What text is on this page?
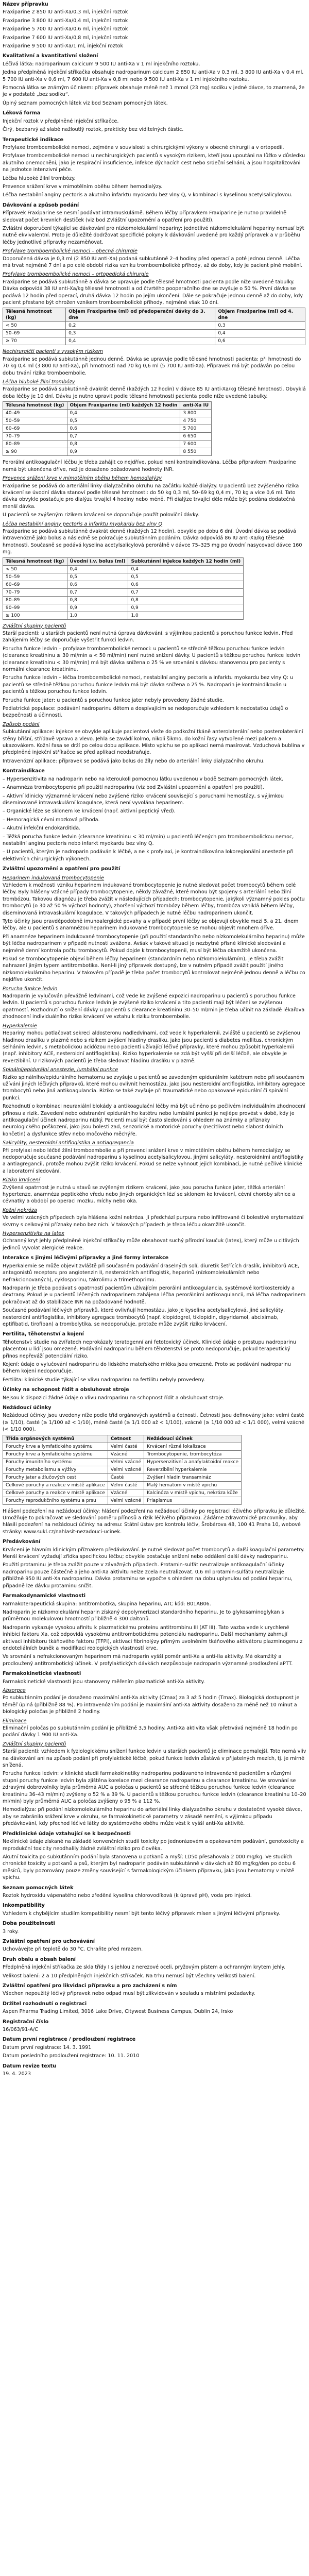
Název přípravku

Fraxiparine 2 850 IU anti-Xa/0,3 ml, injekční roztok

Fraxiparine 3 800 IU anti-Xa/0,4 ml, injekční roztok

Fraxiparine 5 700 IU anti-Xa/0,6 ml, injekční roztok

Fraxiparine 7 600 IU anti-Xa/0,8 ml, injekční roztok

Fraxiparine 9 500 IU anti-Xa/1 ml, injekční roztok

Kvalitativní a kvantitativní složení

Léčivá látka: nadroparinum calcicum 9 500 IU anti-Xa v 1 ml injekčního roztoku.

Jedna předplněná injekční stříkačka obsahuje nadroparinum calcicum 2 850 IU anti-Xa v 0,3 ml, 3 800 IU anti-Xa v 0,4 ml, 5 700 IU anti-Xa v 0,6 ml, 7 600 IU anti-Xa v 0,8 ml nebo 9 500 IU anti-Xa v 1 ml injekčního roztoku.

Pomocná látka se známým účinkem: přípravek obsahuje méně než 1 mmol (23 mg) sodíku v jedné dávce, to znamená, že je v podstatě „bez sodíku“.

Úplný seznam pomocných látek viz bod Seznam pomocných látek.

Léková forma

Injekční roztok v předplněné injekční stříkačce.

Čirý, bezbarvý až slabě nažloutlý roztok, prakticky bez viditelných částic.

Terapeutické indikace

Profylaxe tromboembolické nemoci, zejména v souvislosti s chirurgickými výkony v obecné chirurgii a v ortopedii.

Profylaxe tromboembolické nemoci u nechirurgických pacientů s vysokým rizikem, kteří jsou upoutáni na lůžko v důsledku akutního onemocnění, jako je respirační insuficience, infekce dýchacích cest nebo srdeční selhání, a jsou hospitalizováni na jednotce intenzivní péče.

Léčba hluboké žilní trombózy.

Prevence srážení krve v mimotělním oběhu během hemodialýzy.

Léčba nestabilní anginy pectoris a akutního infarktu myokardu bez vlny Q, v kombinaci s kyselinou acetylsalicylovou.

Dávkování a způsob podání

Přípravek Fraxiparine se nesmí podávat intramuskulárně. Během léčby přípravkem Fraxiparine je nutno pravidelně sledovat počet krevních destiček (viz bod Zvláštní upozornění a opatření pro použití).

Zvláštní doporučení týkající se dávkování pro nízkomolekulární hepariny: jednotlivé nízkomolekulární hepariny nemusí být nutně ekvivalentní. Proto je důležité dodržovat specifické pokyny k dávkování uvedené pro každý přípravek a v průběhu léčby jednotlivé přípravky nezaměňovat.

Profylaxe tromboembolické nemoci – obecná chirurgie

Doporučená dávka je 0,3 ml (2 850 IU anti-Xa) podaná subkutánně 2–4 hodiny před operací a poté jednou denně. Léčba má trvat nejméně 7 dní a po celé období rizika vzniku tromboembolické příhody, až do doby, kdy je pacient plně mobilní.

Profylaxe tromboembolické nemoci – ortopedická chirurgie

Fraxiparine se podává subkutánně a dávka se upravuje podle tělesné hmotnosti pacienta podle níže uvedené tabulky. Dávka odpovídá 38 IU anti-Xa/kg tělesné hmotnosti a od čtvrtého pooperačního dne se zvyšuje o 50 %. První dávka se podává 12 hodin před operací, druhá dávka 12 hodin po jejím ukončení. Dále se pokračuje jednou denně až do doby, kdy pacient přestane být ohrožen vznikem tromboembolické příhody, nejméně však 10 dní.

Tělesná hmotnost (kg)	Objem Fraxiparine (ml) od předoperační dávky do 3. dne	Objem Fraxiparine (ml) od 4. dne
< 50	0,2	0,3
50–69	0,3	0,4
≥ 70	0,4	0,6
Nechirurgičtí pacienti s vysokým rizikem

Fraxiparine se podává subkutánně jednou denně. Dávka se upravuje podle tělesné hmotnosti pacienta: při hmotnosti do 70 kg 0,4 ml (3 800 IU anti-Xa), při hmotnosti nad 70 kg 0,6 ml (5 700 IU anti-Xa). Přípravek má být podáván po celou dobu trvání rizika tromboembolie.

Léčba hluboké žilní trombózy

Fraxiparine se podává subkutánně dvakrát denně (každých 12 hodin) v dávce 85 IU anti-Xa/kg tělesné hmotnosti. Obvyklá doba léčby je 10 dní. Dávku je nutno upravit podle tělesné hmotnosti pacienta podle níže uvedené tabulky.

Tělesná hmotnost (kg)	Objem Fraxiparine (ml) každých 12 hodin	anti-Xa IU
40–49	0,4	3 800
50–59	0,5	4 750
60–69	0,6	5 700
70–79	0,7	6 650
80–89	0,8	7 600
≥ 90	0,9	8 550

Perorální antikoagulační léčbu je třeba zahájit co nejdříve, pokud není kontraindikována. Léčba přípravkem Fraxiparine nemá být ukončena dříve, než je dosaženo požadované hodnoty INR.

Prevence srážení krve v mimotělním oběhu během hemodialýzy

Fraxiparine se podává do arteriální linky dialyzačního okruhu na začátku každé dialýzy. U pacientů bez zvýšeného rizika krvácení se úvodní dávka stanoví podle tělesné hmotnosti: do 50 kg 0,3 ml, 50–69 kg 0,4 ml, 70 kg a více 0,6 ml. Tato dávka obvykle postačuje pro dialýzu trvající 4 hodiny nebo méně. Při dialýze trvající déle může být podána dodatečná menší dávka.

U pacientů se zvýšeným rizikem krvácení se doporučuje použít poloviční dávky.

Léčba nestabilní anginy pectoris a infarktu myokardu bez vlny Q

Fraxiparine se podává subkutánně dvakrát denně (každých 12 hodin), obvykle po dobu 6 dní. Úvodní dávka se podává intravenózně jako bolus a následně se pokračuje subkutánním podáním. Dávka odpovídá 86 IU anti-Xa/kg tělesné hmotnosti. Současně se podává kyselina acetylsalicylová perorálně v dávce 75–325 mg po úvodní nasycovací dávce 160 mg.

Tělesná hmotnost (kg)	Úvodní i.v. bolus (ml)	Subkutánní injekce každých 12 hodin (ml)
< 50	0,4	0,4
50–59	0,5	0,5
60–69	0,6	0,6
70–79	0,7	0,7
80–89	0,8	0,8
90–99	0,9	0,9
≥ 100	1,0	1,0
Zvláštní skupiny pacientů

Starší pacienti: u starších pacientů není nutná úprava dávkování, s výjimkou pacientů s poruchou funkce ledvin. Před zahájením léčby se doporučuje vyšetřit funkci ledvin.

Porucha funkce ledvin – profylaxe tromboembolické nemoci: u pacientů se středně těžkou poruchou funkce ledvin (clearance kreatininu ≥ 30 ml/min a < 50 ml/min) není nutné snížení dávky. U pacientů s těžkou poruchou funkce ledvin (clearance kreatininu < 30 ml/min) má být dávka snížena o 25 % ve srovnání s dávkou stanovenou pro pacienty s normální clearance kreatininu.

Porucha funkce ledvin – léčba tromboembolické nemoci, nestabilní anginy pectoris a infarktu myokardu bez vlny Q: u pacientů se středně těžkou poruchou funkce ledvin má být dávka snížena o 25 %. Nadroparin je kontraindikován u pacientů s těžkou poruchou funkce ledvin.

Porucha funkce jater: u pacientů s poruchou funkce jater nebyly provedeny žádné studie.

Pediatrická populace: podávání nadroparinu dětem a dospívajícím se nedoporučuje vzhledem k nedostatku údajů o bezpečnosti a účinnosti.

Způsob podání

Subkutánní aplikace: injekce se obvykle aplikuje pacientovi vleže do podkožní tkáně anterolaterální nebo posterolaterální stěny břišní, střídavě vpravo a vlevo. Jehla se zavádí kolmo, nikoli šikmo, do kožní řasy vytvořené mezi palcem a ukazovákem. Kožní řasa se drží po celou dobu aplikace. Místo vpichu se po aplikaci nemá masírovat. Vzduchová bublina v předplněné injekční stříkačce se před aplikací neodstraňuje.

Intravenózní aplikace: přípravek se podává jako bolus do žíly nebo do arteriální linky dialyzačního okruhu.

Kontraindikace

– Hypersenzitivita na nadroparin nebo na kteroukoli pomocnou látku uvedenou v bodě Seznam pomocných látek.

– Anamnéza trombocytopenie při použití nadroparinu (viz bod Zvláštní upozornění a opatření pro použití).

– Aktivní klinicky významné krvácení nebo zvýšené riziko krvácení související s poruchami hemostázy, s výjimkou diseminované intravaskulární koagulace, která není vyvolána heparinem.

– Organické léze se sklonem ke krvácení (např. aktivní peptický vřed).

– Hemoragická cévní mozková příhoda.

– Akutní infekční endokarditida.

– Těžká porucha funkce ledvin (clearance kreatininu < 30 ml/min) u pacientů léčených pro tromboembolickou nemoc, nestabilní anginu pectoris nebo infarkt myokardu bez vlny Q.

– U pacientů, kterým je nadroparin podáván k léčbě, a ne k profylaxi, je kontraindikována lokoregionální anestezie při elektivních chirurgických výkonech.

Zvláštní upozornění a opatření pro použití
Heparinem indukovaná trombocytopenie

Vzhledem k možnosti vzniku heparinem indukované trombocytopenie je nutné sledovat počet trombocytů během celé léčby. Byly hlášeny vzácné případy trombocytopenie, někdy závažné, které mohou být spojeny s arteriální nebo žilní trombózou. Takovou diagnózu je třeba zvážit v následujících případech: trombocytopenie, jakýkoli významný pokles počtu trombocytů (o 30 až 50 % výchozí hodnoty), zhoršení výchozí trombózy během léčby, trombóza vzniklá během léčby, diseminovaná intravaskulární koagulace. V takových případech je nutné léčbu nadroparinem ukončit.

Tyto účinky jsou pravděpodobně imunoalergické povahy a v případě první léčby se objevují obvykle mezi 5. a 21. dnem léčby, ale u pacientů s anamnézou heparinem indukované trombocytopenie se mohou objevit mnohem dříve.

Při anamnéze heparinem indukované trombocytopenie (při použití standardního nebo nízkomolekulárního heparinu) může být léčba nadroparinem v případě nutnosti zvážena. Avšak v takové situaci je nezbytné přísné klinické sledování a nejméně denní kontrola počtu trombocytů. Pokud dojde k trombocytopenii, musí být léčba okamžitě ukončena.

Pokud se trombocytopenie objeví během léčby heparinem (standardním nebo nízkomolekulárním), je třeba zvážit nahrazení jiným typem antitrombotika. Není-li jiný přípravek dostupný, lze v nutném případě zvážit použití jiného nízkomolekulárního heparinu. V takovém případě je třeba počet trombocytů kontrolovat nejméně jednou denně a léčbu co nejdříve ukončit.

Porucha funkce ledvin

Nadroparin je vylučován převážně ledvinami, což vede ke zvýšené expozici nadroparinu u pacientů s poruchou funkce ledvin. U pacientů s poruchou funkce ledvin je zvýšené riziko krvácení a tito pacienti mají být léčeni se zvýšenou opatrností. Rozhodnutí o snížení dávky u pacientů s clearance kreatininu 30–50 ml/min je třeba učinit na základě lékařova zhodnocení individuálního rizika krvácení ve vztahu k riziku tromboembolie.

Hyperkalemie

Hepariny mohou potlačovat sekreci aldosteronu nadledvinami, což vede k hyperkalemii, zvláště u pacientů se zvýšenou hladinou draslíku v plazmě nebo s rizikem zvýšení hladiny draslíku, jako jsou pacienti s diabetes mellitus, chronickým selháním ledvin, s metabolickou acidózou nebo pacienti užívající léčivé přípravky, které mohou způsobit hyperkalemii (např. inhibitory ACE, nesteroidní antiflogistika). Riziko hyperkalemie se zdá být vyšší při delší léčbě, ale obvykle je reverzibilní. U rizikových pacientů je třeba sledovat hladinu draslíku v plazmě.

Spinální/epidurální anestezie, lumbální punkce

Riziko spinálního/epidurálního hematomu se zvyšuje u pacientů se zavedeným epidurálním katétrem nebo při současném užívání jiných léčivých přípravků, které mohou ovlivnit hemostázu, jako jsou nesteroidní antiflogistika, inhibitory agregace trombocytů nebo jiná antikoagulancia. Riziko se také zvyšuje při traumatické nebo opakované epidurální či spinální punkci.

Rozhodnutí o kombinaci neuraxiální blokády a antikoagulační léčby má být učiněno po pečlivém individuálním zhodnocení přínosu a rizik. Zavedení nebo odstranění epidurálního katétru nebo lumbální punkci je nejlépe provést v době, kdy je antikoagulační účinek nadroparinu nízký. Pacienti musí být často sledováni s ohledem na známky a příznaky neurologického poškození, jako jsou bolesti zad, senzorické a motorické poruchy (necitlivost nebo slabost dolních končetin) a dysfunkce střev nebo močového měchýře.

Salicyláty, nesteroidní antiflogistika a antiagregancia

Při profylaxi nebo léčbě žilní tromboembolie a při prevenci srážení krve v mimotělním oběhu během hemodialýzy se nedoporučuje současné podávání nadroparinu s kyselinou acetylsalicylovou, jinými salicyláty, nesteroidními antiflogistiky a antiagregancii, protože mohou zvýšit riziko krvácení. Pokud se nelze vyhnout jejich kombinaci, je nutné pečlivé klinické a laboratorní sledování.

Riziko krvácení

Zvýšená opatrnost je nutná u stavů se zvýšeným rizikem krvácení, jako jsou porucha funkce jater, těžká arteriální hypertenze, anamnéza peptického vředu nebo jiných organických lézí se sklonem ke krvácení, cévní choroby sítnice a cévnatky a období po operaci mozku, míchy nebo oka.

Kožní nekróza

Ve velmi vzácných případech byla hlášena kožní nekróza. Jí předchází purpura nebo infiltrované či bolestivé erytematózní skvrny s celkovými příznaky nebo bez nich. V takových případech je třeba léčbu okamžitě ukončit.

Hypersenzitivita na latex

Ochranný kryt jehly předplněné injekční stříkačky může obsahovat suchý přírodní kaučuk (latex), který může u citlivých jedinců vyvolat alergické reakce.

Interakce s jinými léčivými přípravky a jiné formy interakce

Hyperkalemie se může objevit zvláště při současném podávání draselných solí, diuretik šetřících draslík, inhibitorů ACE, antagonistů receptoru pro angiotenzin II, nesteroidních antiflogistik, heparinů (nízkomolekulárních nebo nefrakcionovaných), cyklosporinu, takrolimu a trimethoprimu.

Nadroparin je třeba podávat s opatrností pacientům užívajícím perorální antikoagulancia, systémové kortikosteroidy a dextrany. Pokud je u pacientů léčených nadroparinem zahájena léčba perorálními antikoagulancii, má léčba nadroparinem pokračovat až do stabilizace INR na požadované hodnotě.

Současné podávání léčivých přípravků, které ovlivňují hemostázu, jako je kyselina acetylsalicylová, jiné salicyláty, nesteroidní antiflogistika, inhibitory agregace trombocytů (např. klopidogrel, tiklopidin, dipyridamol, abciximab, eptifibatid, tirofiban) a trombolytika, se nedoporučuje, protože může zvýšit riziko krvácení.

Fertilita, těhotenství a kojení

Těhotenství: studie na zvířatech neprokázaly teratogenní ani fetotoxický účinek. Klinické údaje o prostupu nadroparinu placentou u lidí jsou omezené. Podávání nadroparinu během těhotenství se proto nedoporučuje, pokud terapeutický přínos nepřeváží potenciální riziko.

Kojení: údaje o vylučování nadroparinu do lidského mateřského mléka jsou omezené. Proto se podávání nadroparinu během kojení nedoporučuje.

Fertilita: klinické studie týkající se vlivu nadroparinu na fertilitu nebyly provedeny.

Účinky na schopnost řídit a obsluhovat stroje

Nejsou k dispozici žádné údaje o vlivu nadroparinu na schopnost řídit a obsluhovat stroje.

Nežádoucí účinky

Nežádoucí účinky jsou uvedeny níže podle tříd orgánových systémů a četnosti. Četnosti jsou definovány jako: velmi časté (≥ 1/10), časté (≥ 1/100 až < 1/10), méně časté (≥ 1/1 000 až < 1/100), vzácné (≥ 1/10 000 až < 1/1 000), velmi vzácné (< 1/10 000).

Třída orgánových systémů	Četnost	Nežádoucí účinek
Poruchy krve a lymfatického systému	Velmi časté	Krvácení různé lokalizace
Poruchy krve a lymfatického systému	Vzácné	Trombocytopenie, trombocytóza
Poruchy imunitního systému	Velmi vzácné	Hypersenzitivní a anafylaktoidní reakce
Poruchy metabolismu a výživy	Velmi vzácné	Reverzibilní hyperkalemie
Poruchy jater a žlučových cest	Časté	Zvýšení hladin transamináz
Celkové poruchy a reakce v místě aplikace	Velmi časté	Malý hematom v místě vpichu
Celkové poruchy a reakce v místě aplikace	Vzácné	Kalcinóza v místě vpichu, nekróza kůže
Poruchy reprodukčního systému a prsu	Velmi vzácné	Priapismus

Hlášení podezření na nežádoucí účinky: hlášení podezření na nežádoucí účinky po registraci léčivého přípravku je důležité. Umožňuje to pokračovat ve sledování poměru přínosů a rizik léčivého přípravku. Žádáme zdravotnické pracovníky, aby hlásili podezření na nežádoucí účinky na adresu: Státní ústav pro kontrolu léčiv, Šrobárova 48, 100 41 Praha 10, webové stránky: www.sukl.cz/nahlasit-nezadouci-ucinek.

Předávkování

Krvácení je hlavním klinickým příznakem předávkování. Je nutné sledovat počet trombocytů a další koagulační parametry. Menší krvácení vyžadují zřídka specifickou léčbu; obvykle postačuje snížení nebo oddálení další dávky nadroparinu.

Použití protaminu je třeba zvážit pouze v závažných případech. Protamin-sulfát neutralizuje antikoagulační účinky nadroparinu pouze částečně a jeho anti-Xa aktivitu nelze zcela neutralizovat. 0,6 ml protamin-sulfátu neutralizuje přibližně 950 IU anti-Xa nadroparinu. Dávka protaminu se vypočte s ohledem na dobu uplynulou od podání heparinu, případně lze dávku protaminu snížit.

Farmakodynamické vlastnosti

Farmakoterapeutická skupina: antitrombotika, skupina heparinu, ATC kód: B01AB06.

Nadroparin je nízkomolekulární heparin získaný depolymerizací standardního heparinu. Je to glykosaminoglykan s průměrnou molekulovou hmotností přibližně 4 300 daltonů.

Nadroparin vykazuje vysokou afinitu k plazmatickému proteinu antitrombinu III (AT III). Tato vazba vede k urychlené inhibici faktoru Xa, což odpovídá vysokému antitrombotickému potenciálu nadroparinu. Další mechanismy zahrnují aktivaci inhibitoru tkáňového faktoru (TFPI), aktivaci fibrinolýzy přímým uvolněním tkáňového aktivátoru plazminogenu z endoteliálních buněk a modifikaci reologických vlastností krve.

Ve srovnání s nefrakcionovaným heparinem má nadroparin vyšší poměr anti-Xa a anti-IIa aktivity. Má okamžitý a prodloužený antitrombotický účinek. V profylaktických dávkách nezpůsobuje nadroparin významné prodloužení aPTT.

Farmakokinetické vlastnosti

Farmakokinetické vlastnosti jsou stanoveny měřením plazmatické anti-Xa aktivity.

Absorpce

Po subkutánním podání je dosaženo maximální anti-Xa aktivity (Cmax) za 3 až 5 hodin (Tmax). Biologická dostupnost je téměř úplná (přibližně 88 %). Po intravenózním podání je maximální anti-Xa aktivity dosaženo za méně než 10 minut a biologický poločas je přibližně 2 hodiny.

Eliminace

Eliminační poločas po subkutánním podání je přibližně 3,5 hodiny. Anti-Xa aktivita však přetrvává nejméně 18 hodin po podání dávky 1 900 IU anti-Xa.

Zvláštní skupiny pacientů

Starší pacienti: vzhledem k fyziologickému snížení funkce ledvin u starších pacientů je eliminace pomalejší. Toto nemá vliv na dávkování ani na způsob podání při profylaktické léčbě, pokud funkce ledvin zůstává v přijatelných mezích, tj. je mírně snížená.

Porucha funkce ledvin: v klinické studii farmakokinetiky nadroparinu podávaného intravenózně pacientům s různými stupni poruchy funkce ledvin byla zjištěna korelace mezi clearance nadroparinu a clearance kreatininu. Ve srovnání se zdravými dobrovolníky byla průměrná AUC a poločas u pacientů se středně těžkou poruchou funkce ledvin (clearance kreatininu 36–43 ml/min) zvýšeny o 52 % a 39 %. U pacientů s těžkou poruchou funkce ledvin (clearance kreatininu 10–20 ml/min) byly průměrná AUC a poločas zvýšeny o 95 % a 112 %.

Hemodialýza: při podání nízkomolekulárního heparinu do arteriální linky dialyzačního okruhu v dostatečně vysoké dávce, aby se zabránilo srážení krve v okruhu, se farmakokinetické parametry v zásadě nemění, s výjimkou případu předávkování, kdy přechod léčivé látky do systémového oběhu může vést k vyšší anti-Xa aktivitě.

Předklinické údaje vztahující se k bezpečnosti

Neklinické údaje získané na základě konvenčních studií toxicity po jednorázovém a opakovaném podávání, genotoxicity a reprodukční toxicity neodhalily žádné zvláštní riziko pro člověka.

Akutní toxicita po subkutánním podání byla stanovena u potkanů a myší; LD50 přesahovala 2 000 mg/kg. Ve studiích chronické toxicity u potkanů a psů, kterým byl nadroparin podáván subkutánně v dávkách až 80 mg/kg/den po dobu 6 měsíců, byly pozorovány pouze změny související s farmakologickým účinkem přípravku, jako jsou hematomy v místě vpichu.

Seznam pomocných látek

Roztok hydroxidu vápenatého nebo zředěná kyselina chlorovodíková (k úpravě pH), voda pro injekci.

Inkompatibility

Vzhledem k chybějícím studiím kompatibility nesmí být tento léčivý přípravek mísen s jinými léčivými přípravky.

Doba použitelnosti

3 roky.

Zvláštní opatření pro uchovávání

Uchovávejte při teplotě do 30 °C. Chraňte před mrazem.

Druh obalu a obsah balení

Předplněná injekční stříkačka ze skla třídy I s jehlou z nerezové oceli, pryžovým pístem a ochranným krytem jehly.

Velikost balení: 2 a 10 předplněných injekčních stříkaček. Na trhu nemusí být všechny velikosti balení.

Zvláštní opatření pro likvidaci přípravku a pro zacházení s ním

Všechen nepoužitý léčivý přípravek nebo odpad musí být zlikvidován v souladu s místními požadavky.

Držitel rozhodnutí o registraci

Aspen Pharma Trading Limited, 3016 Lake Drive, Citywest Business Campus, Dublin 24, Irsko

Registrační číslo

16/063/91-A/C

Datum první registrace / prodloužení registrace

Datum první registrace: 14. 3. 1991

Datum posledního prodloužení registrace: 10. 11. 2010

Datum revize textu

19. 4. 2023
